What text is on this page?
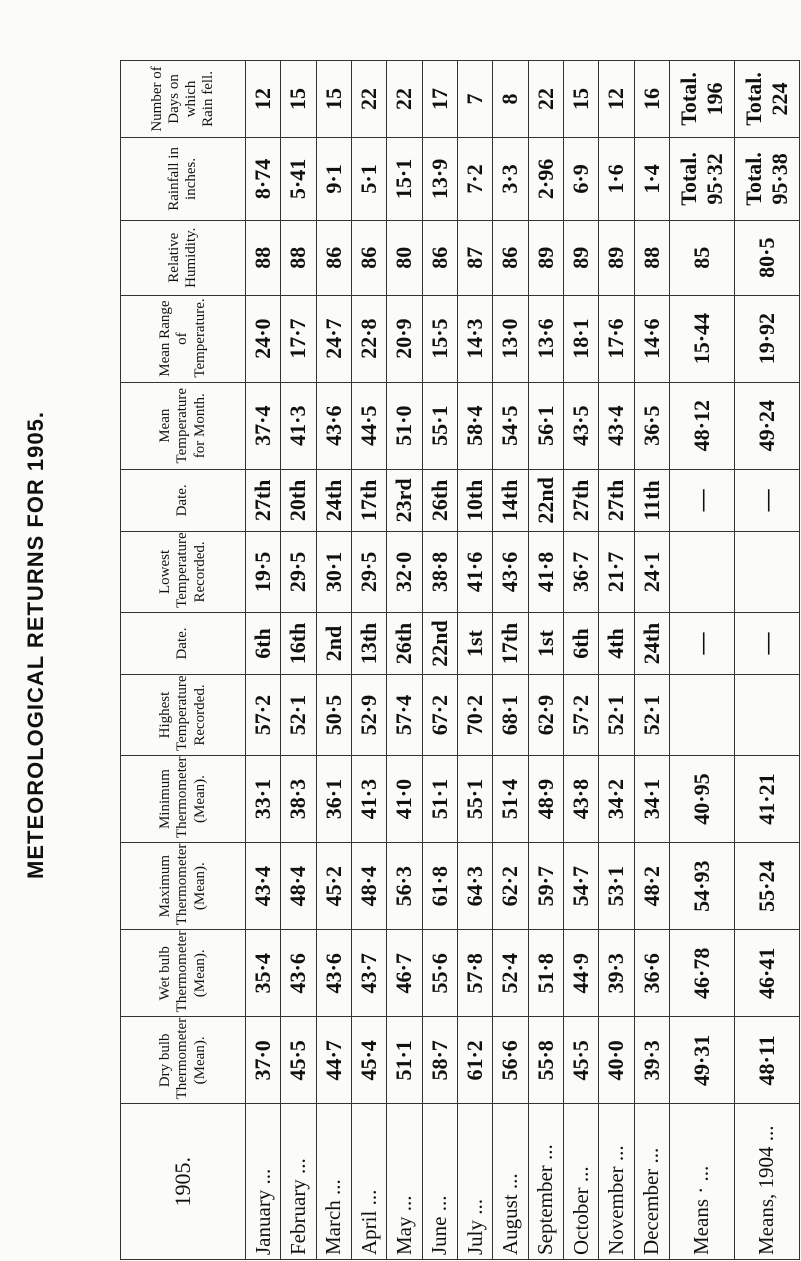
METEOROLOGICAL RETURNS FOR 1905.
1905.	Dry bulb Thermometer (Mean).	Wet bulb Thermometer (Mean).	Maximum Thermometer (Mean).	Minimum Thermometer (Mean).	Highest Temperature Recorded.	Date.	Lowest Temperature Recorded.	Date.	Mean Temperature for Month.	Mean Range of Temperature.	Relative Humidity.	Rainfall in inches.	Number of Days on which Rain fell.
January ...	37·0	35·4	43·4	33·1	57·2	6th	19·5	27th	37·4	24·0	88	8·74	12
February ...	45·5	43·6	48·4	38·3	52·1	16th	29·5	20th	41·3	17·7	88	5·41	15
March ...	44·7	43·6	45·2	36·1	50·5	2nd	30·1	24th	43·6	24·7	86	9·1	15
April ...	45·4	43·7	48·4	41·3	52·9	13th	29·5	17th	44·5	22·8	86	5·1	22
May ...	51·1	46·7	56·3	41·0	57·4	26th	32·0	23rd	51·0	20·9	80	15·1	22
June ...	58·7	55·6	61·8	51·1	67·2	22nd	38·8	26th	55·1	15·5	86	13·9	17
July ...	61·2	57·8	64·3	55·1	70·2	1st	41·6	10th	58·4	14·3	87	7·2	7
August ...	56·6	52·4	62·2	51·4	68·1	17th	43·6	14th	54·5	13·0	86	3·3	8
September ...	55·8	51·8	59·7	48·9	62·9	1st	41·8	22nd	56·1	13·6	89	2·96	22
October ...	45·5	44·9	54·7	43·8	57·2	6th	36·7	27th	43·5	18·1	89	6·9	15
November ...	40·0	39·3	53·1	34·2	52·1	4th	21·7	27th	43·4	17·6	89	1·6	12
December ...	39·3	36·6	48·2	34·1	52·1	24th	24·1	11th	36·5	14·6	88	1·4	16
Means · ...	49·31	46·78	54·93	40·95		—		—	48·12	15·44	85	Total. 95·32	Total. 196
Means, 1904 ...	48·11	46·41	55·24	41·21		—		—	49·24	19·92	80·5	Total. 95·38	Total. 224
